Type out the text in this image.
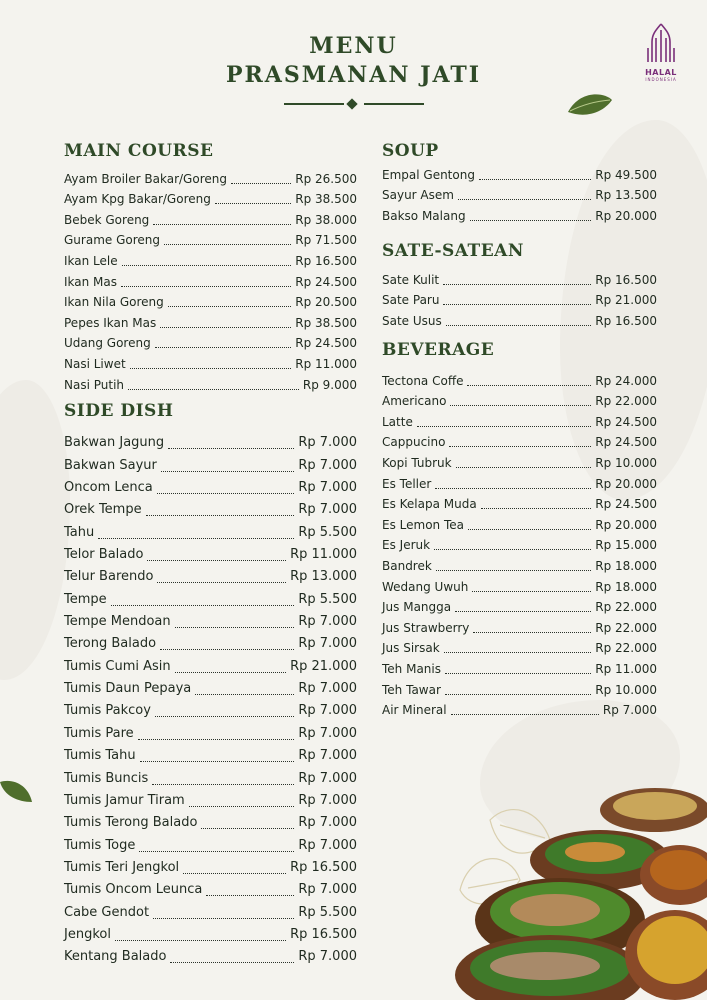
MENU
PRASMANAN JATI	HALAL
INDONESIA
MAIN COURSE
Ayam Broiler Bakar/Goreng	Rp 26.500
Ayam Kpg Bakar/Goreng	Rp 38.500
Bebek Goreng	Rp 38.000
Gurame Goreng	Rp 71.500
Ikan Lele	Rp 16.500
Ikan Mas	Rp 24.500
Ikan Nila Goreng	Rp 20.500
Pepes Ikan Mas	Rp 38.500
Udang Goreng	Rp 24.500
Nasi Liwet	Rp 11.000
Nasi Putih	Rp 9.000
SIDE DISH
Bakwan Jagung	Rp 7.000
Bakwan Sayur	Rp 7.000
Oncom Lenca	Rp 7.000
Orek Tempe	Rp 7.000
Tahu	Rp 5.500
Telor Balado	Rp 11.000
Telur Barendo	Rp 13.000
Tempe	Rp 5.500
Tempe Mendoan	Rp 7.000
Terong Balado	Rp 7.000
Tumis Cumi Asin	Rp 21.000
Tumis Daun Pepaya	Rp 7.000
Tumis Pakcoy	Rp 7.000
Tumis Pare	Rp 7.000
Tumis Tahu	Rp 7.000
Tumis Buncis	Rp 7.000
Tumis Jamur Tiram	Rp 7.000
Tumis Terong Balado	Rp 7.000
Tumis Toge	Rp 7.000
Tumis Teri Jengkol	Rp 16.500
Tumis Oncom Leunca	Rp 7.000
Cabe Gendot	Rp 5.500
Jengkol	Rp 16.500
Kentang Balado	Rp 7.000
SOUP
Empal Gentong	Rp 49.500
Sayur Asem	Rp 13.500
Bakso Malang	Rp 20.000
SATE-SATEAN
Sate Kulit	Rp 16.500
Sate Paru	Rp 21.000
Sate Usus	Rp 16.500
BEVERAGE
Tectona Coffe	Rp 24.000
Americano	Rp 22.000
Latte	Rp 24.500
Cappucino	Rp 24.500
Kopi Tubruk	Rp 10.000
Es Teller	Rp 20.000
Es Kelapa Muda	Rp 24.500
Es Lemon Tea	Rp 20.000
Es Jeruk	Rp 15.000
Bandrek	Rp 18.000
Wedang Uwuh	Rp 18.000
Jus Mangga	Rp 22.000
Jus Strawberry	Rp 22.000
Jus Sirsak	Rp 22.000
Teh Manis	Rp 11.000
Teh Tawar	Rp 10.000
Air Mineral	Rp 7.000
